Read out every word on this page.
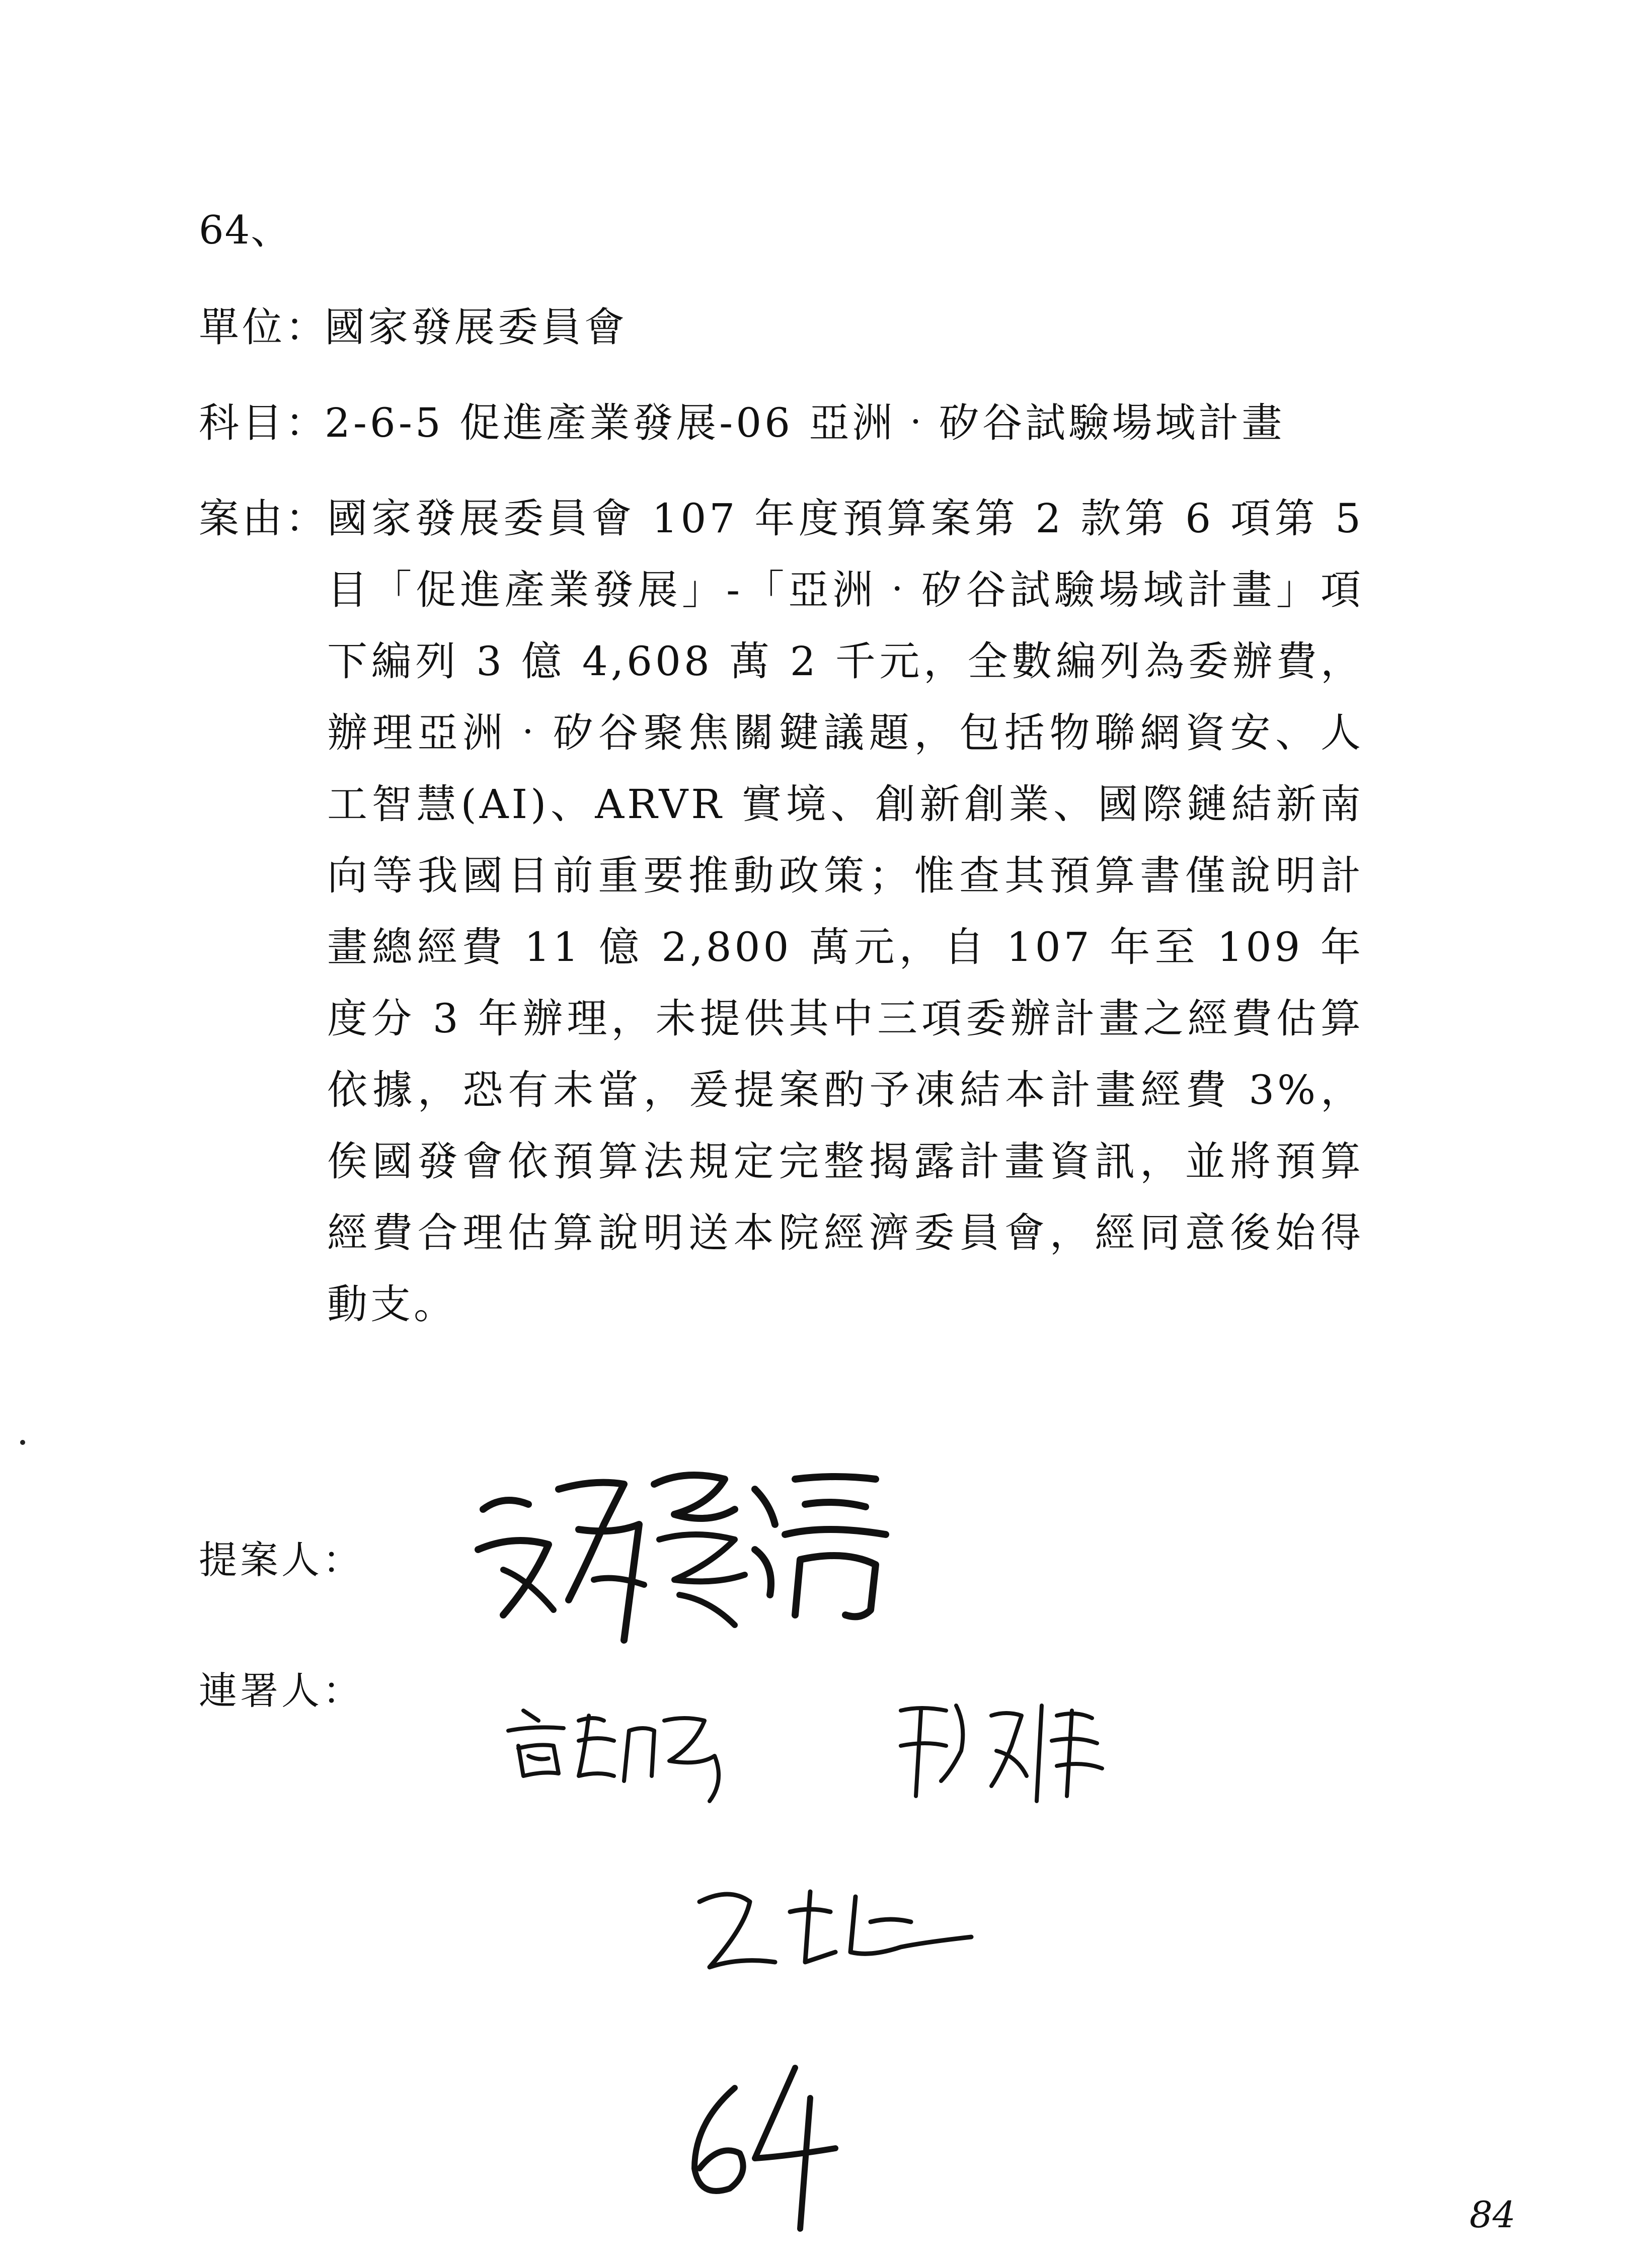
64、
單位：國家發展委員會
科目：2-6-5 促進產業發展-06 亞洲‧矽谷試驗場域計畫
案由：
國家發展委員會 107 年度預算案第 2 款第 6 項第 5 目「促進產業發展」-「亞洲‧矽谷試驗場域計畫」項下編列 3 億 4,608 萬 2 千元，全數編列為委辦費，辦理亞洲‧矽谷聚焦關鍵議題，包括物聯網資安、人工智慧(AI)、ARVR 實境、創新創業、國際鏈結新南向等我國目前重要推動政策；惟查其預算書僅說明計畫總經費 11 億 2,800 萬元，自 107 年至 109 年度分 3 年辦理，未提供其中三項委辦計畫之經費估算依據，恐有未當，爰提案酌予凍結本計畫經費 3%，俟國發會依預算法規定完整揭露計畫資訊，並將預算經費合理估算說明送本院經濟委員會，經同意後始得動支。
提案人：
連署人：
84
